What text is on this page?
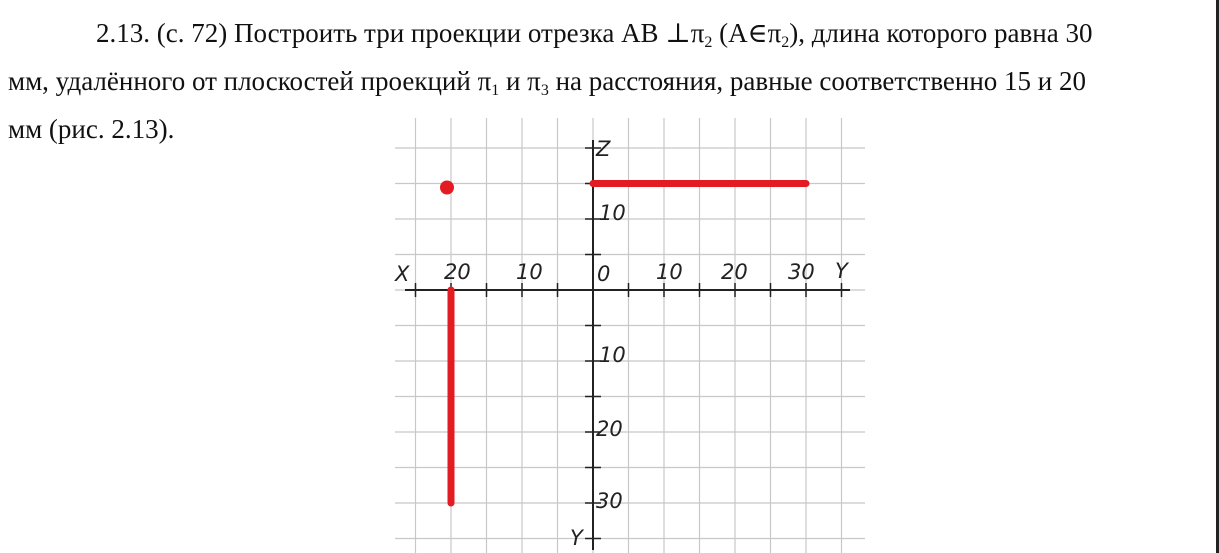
2.13. (с. 72) Построить три проекции отрезка АВ $\perp\pi_2$ $(А\in\pi_2)$, длина которого равна 30
мм, удалённого от плоскостей проекций $\pi_1$ и $\pi_3$ на расстояния, равные соответственно 15 и 20
мм (рис. 2.13).
X	Y
Z
Y
20 10	0 10 20 30
10
10
20
30
